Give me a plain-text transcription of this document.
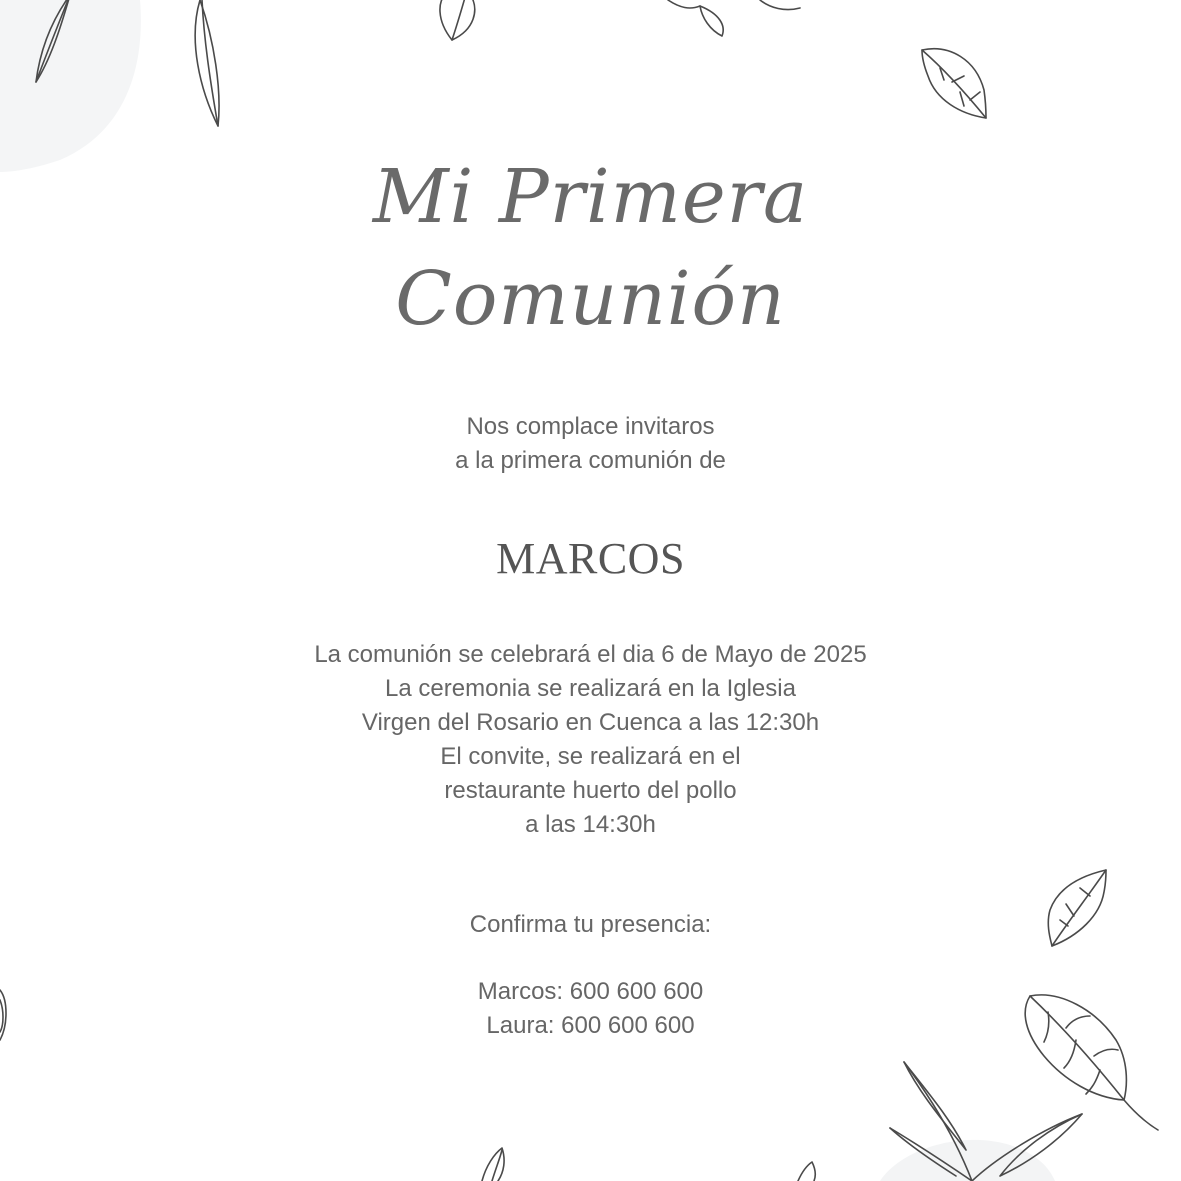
Mi Primera
Comunión
Nos complace invitaros
a la primera comunión de
MARCOS
La comunión se celebrará el dia 6 de Mayo de 2025
La ceremonia se realizará en la Iglesia
Virgen del Rosario en Cuenca a las 12:30h
El convite, se realizará en el
restaurante huerto del pollo
a las 14:30h
Confirma tu presencia:
Marcos: 600 600 600
Laura: 600 600 600
